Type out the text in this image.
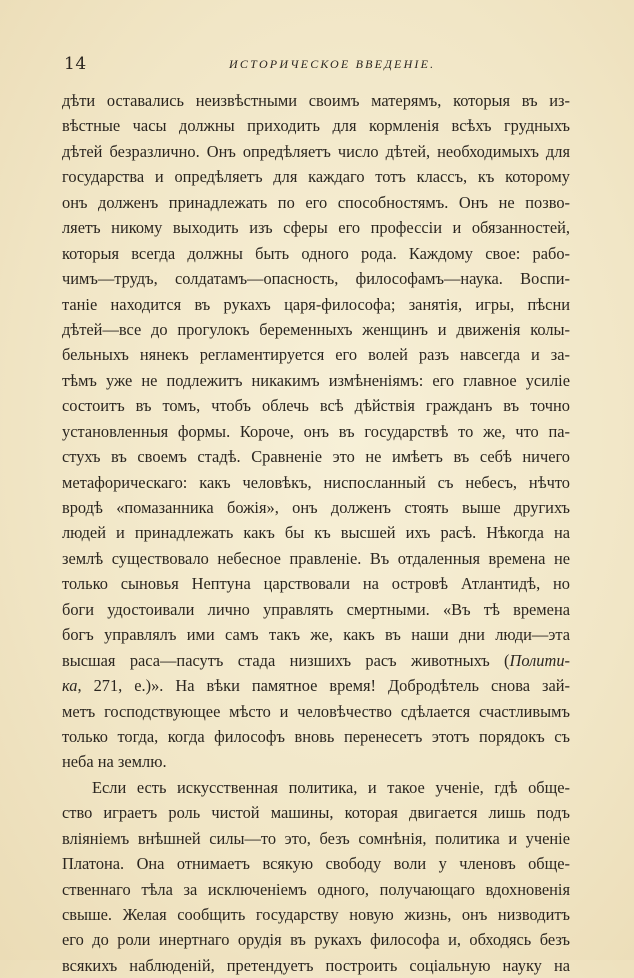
14	ИСТОРИЧЕСКОЕ ВВЕДЕНІЕ.
дѣти оставались неизвѣстными своимъ матерямъ, которыя въ из-
вѣстные часы должны приходить для кормленія всѣхъ грудныхъ
дѣтей безразлично. Онъ опредѣляетъ число дѣтей, необходимыхъ для
государства и опредѣляетъ для каждаго тотъ классъ, къ которому
онъ долженъ принадлежать по его способностямъ. Онъ не позво-
ляетъ никому выходить изъ сферы его профессіи и обязанностей,
которыя всегда должны быть одного рода. Каждому свое: рабо-
чимъ—трудъ, солдатамъ—опасность, философамъ—наука. Воспи-
таніе находится въ рукахъ царя-философа; занятія, игры, пѣсни
дѣтей—все до прогулокъ беременныхъ женщинъ и движенія колы-
бельныхъ нянекъ регламентируется его волей разъ навсегда и за-
тѣмъ уже не подлежитъ никакимъ измѣненіямъ: его главное усиліе
состоитъ въ томъ, чтобъ облечь всѣ дѣйствія гражданъ въ точно
установленныя формы. Короче, онъ въ государствѣ то же, что па-
стухъ въ своемъ стадѣ. Сравненіе это не имѣетъ въ себѣ ничего
метафорическаго: какъ человѣкъ, ниспосланный съ небесъ, нѣчто
вродѣ «помазанника божія», онъ долженъ стоять выше другихъ
людей и принадлежать какъ бы къ высшей ихъ расѣ. Нѣкогда на
землѣ существовало небесное правленіе. Въ отдаленныя времена не
только сыновья Нептуна царствовали на островѣ Атлантидѣ, но
боги удостоивали лично управлять смертными. «Въ тѣ времена
богъ управлялъ ими самъ такъ же, какъ въ наши дни люди—эта
высшая раса—пасутъ стада низшихъ расъ животныхъ (Полити-
ка, 271, е.)». На вѣки памятное время! Добродѣтель снова зай-
метъ господствующее мѣсто и человѣчество сдѣлается счастливымъ
только тогда, когда философъ вновь перенесетъ этотъ порядокъ съ
неба на землю.
Если есть искусственная политика, и такое ученіе, гдѣ обще-
ство играетъ роль чистой машины, которая двигается лишь подъ
вліяніемъ внѣшней силы—то это, безъ сомнѣнія, политика и ученіе
Платона. Она отнимаетъ всякую свободу воли у членовъ обще-
ственнаго тѣла за исключеніемъ одного, получающаго вдохновенія
свыше. Желая сообщить государству новую жизнь, онъ низводитъ
его до роли инертнаго орудія въ рукахъ философа и, обходясь безъ
всякихъ наблюденій, претендуетъ построить соціальную науку на
